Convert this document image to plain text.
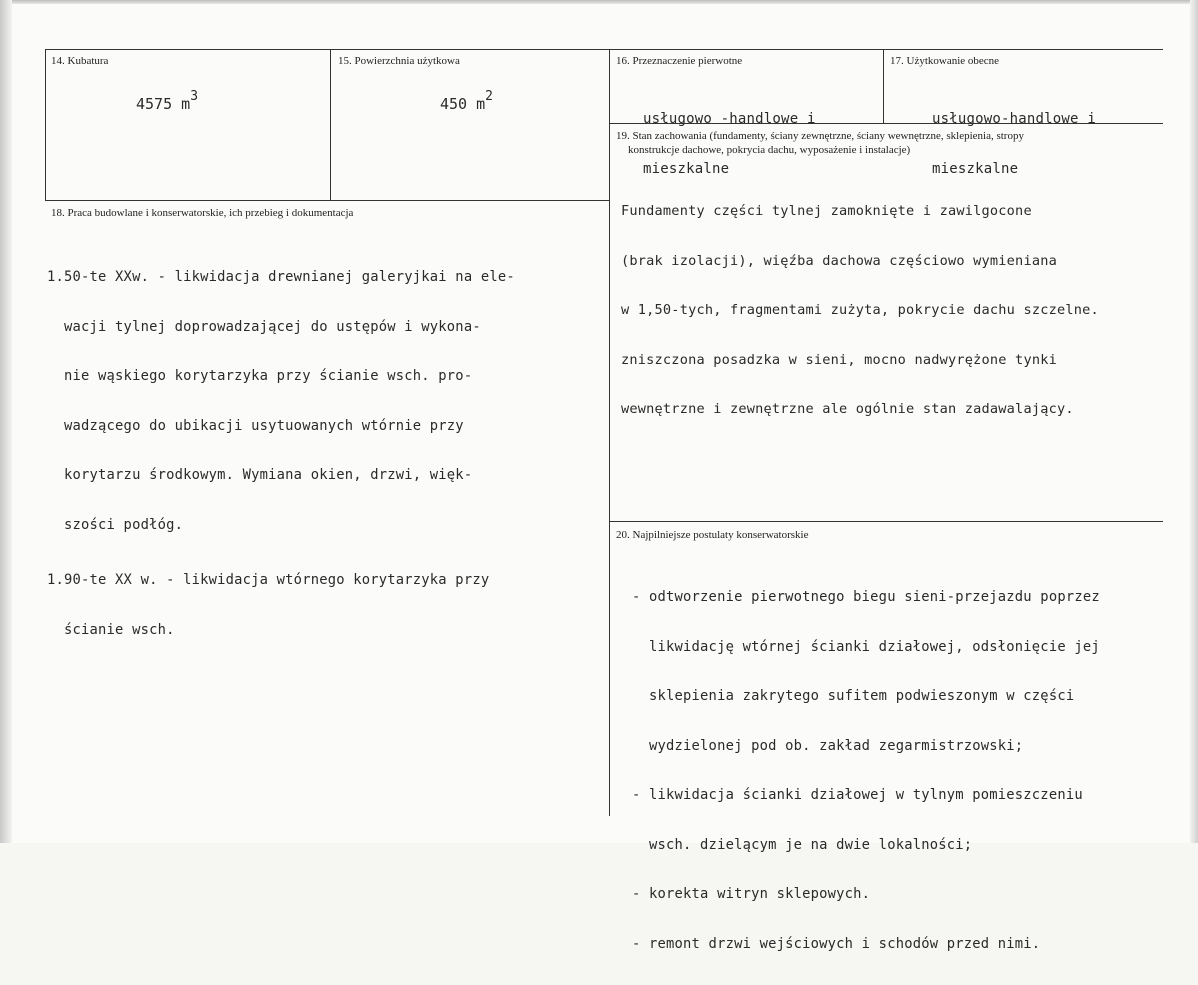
14. Kubatura
4575 $m^3$
15. Powierzchnia użytkowa
450 $m^2$
16. Przeznaczenie pierwotne

usługowo -handlowe i

mieszkalne

17. Użytkowanie obecne

usługowo-handlowe i

mieszkalne

19. Stan zachowania (fundamenty, ściany zewnętrzne, ściany wewnętrzne, sklepienia, stropy
konstrukcje dachowe, pokrycia dachu, wyposażenie i instalacje)

Fundamenty części tylnej zamoknięte i zawilgocone

(brak izolacji), więźba dachowa częściowo wymieniana

w 1,50-tych, fragmentami zużyta, pokrycie dachu szczelne.

zniszczona posadzka w sieni, mocno nadwyrężone tynki

wewnętrzne i zewnętrzne ale ogólnie stan zadawalający.

18. Praca budowlane i konserwatorskie, ich przebieg i dokumentacja

1.50-te XXw. - likwidacja drewnianej galeryjkai na ele-

wacji tylnej doprowadzającej do ustępów i wykona-

nie wąskiego korytarzyka przy ścianie wsch. pro-

wadzącego do ubikacji usytuowanych wtórnie przy

korytarzu środkowym. Wymiana okien, drzwi, więk-

szości podłóg.

1.90-te XX w. - likwidacja wtórnego korytarzyka przy

ścianie wsch.

20. Najpilniejsze postulaty konserwatorskie

- odtworzenie pierwotnego biegu sieni-przejazdu poprzez

likwidację wtórnej ścianki działowej, odsłonięcie jej

sklepienia zakrytego sufitem podwieszonym w części

wydzielonej pod ob. zakład zegarmistrzowski;

- likwidacja ścianki działowej w tylnym pomieszczeniu

wsch. dzielącym je na dwie lokalności;

- korekta witryn sklepowych.

- remont drzwi wejściowych i schodów przed nimi.
